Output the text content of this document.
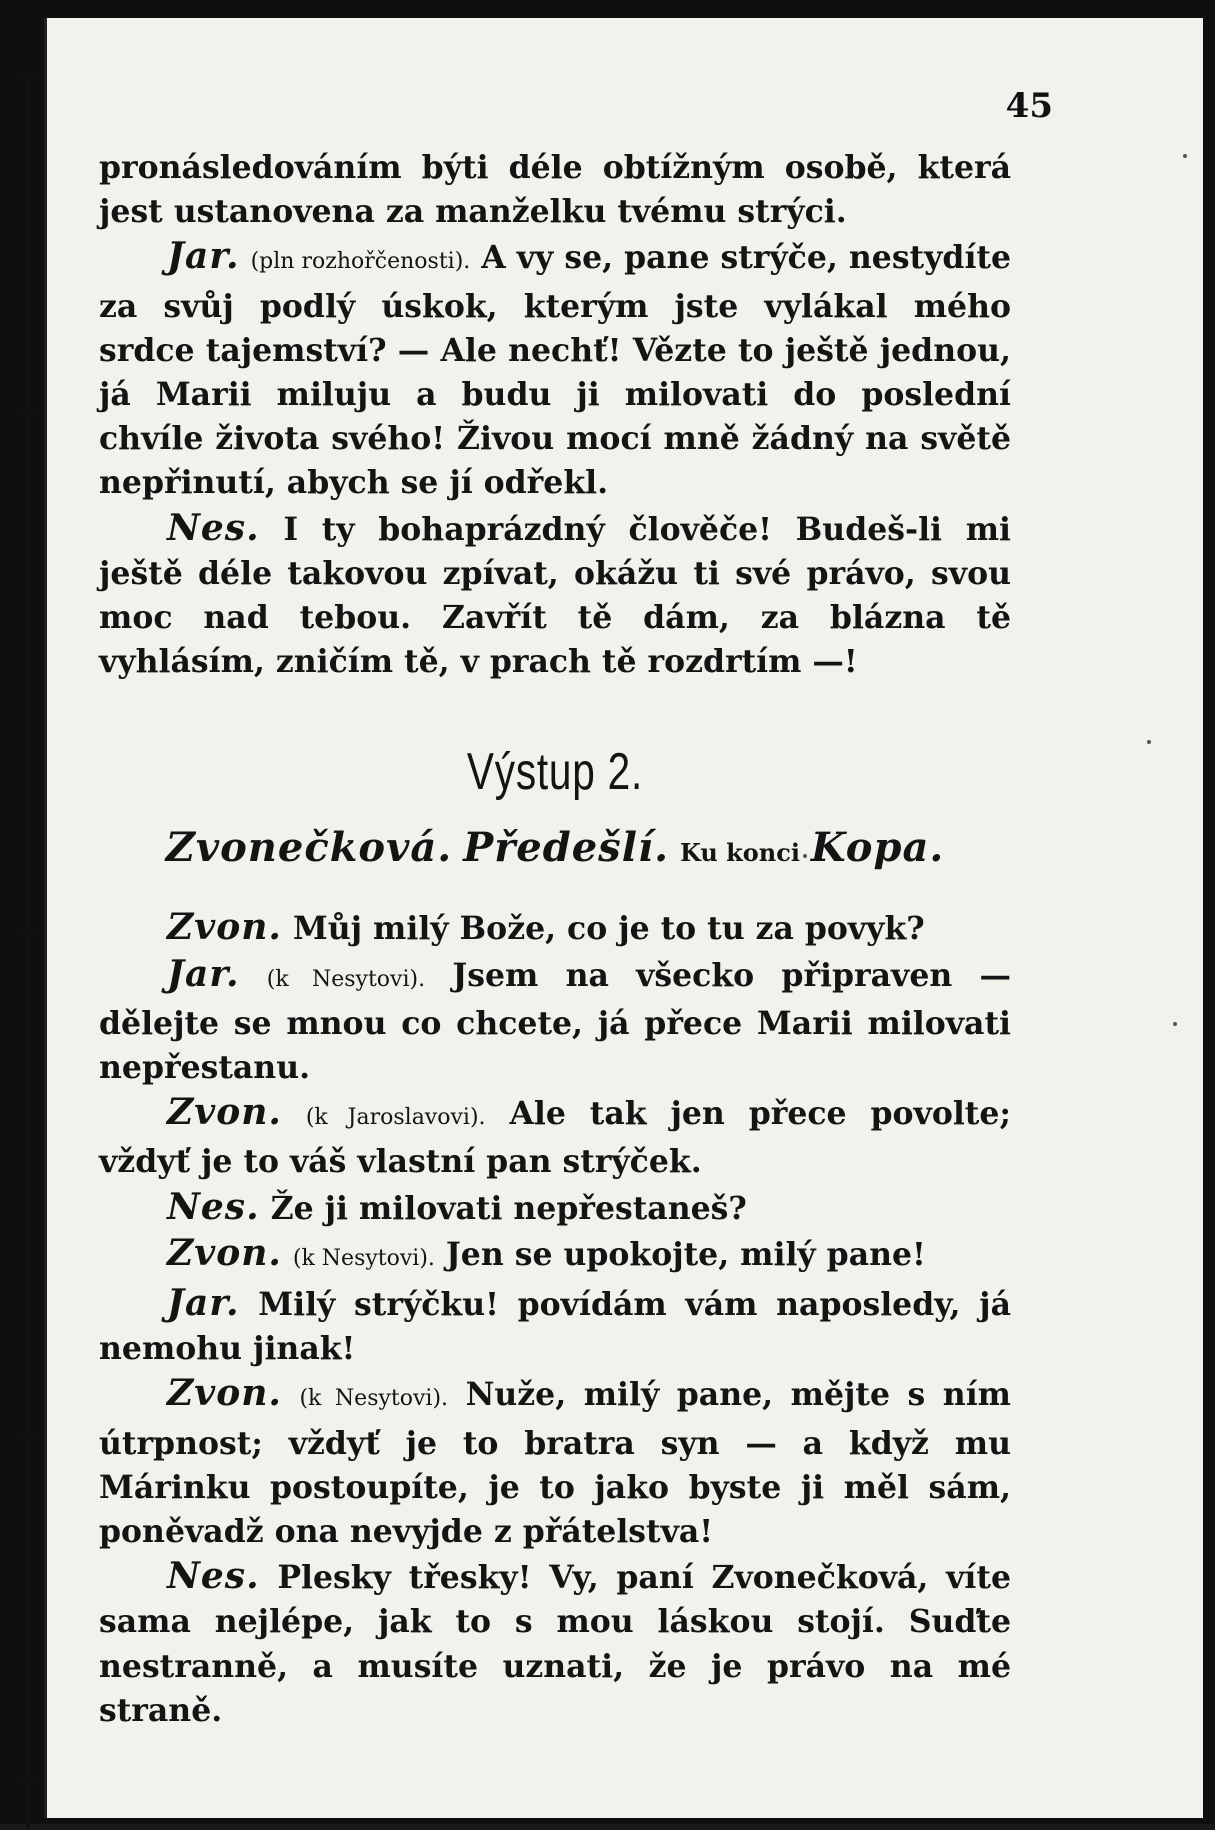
45

pronásledováním býti déle obtížným osobě, která jest ustanovena za manželku tvému strýci.

Jar. (pln rozhořčenosti). A vy se, pane strýče, nestydíte za svůj podlý úskok, kterým jste vylákal mého srdce tajemství? — Ale nechť! Vězte to ještě jednou, já Marii miluju a budu ji milovati do poslední chvíle života svého! Živou mocí mně žádný na světě nepřinutí, abych se jí odřekl.

Nes. I ty bohaprázdný člověče! Budeš-li mi ještě déle takovou zpívat, okážu ti své právo, svou moc nad tebou. Zavřít tě dám, za blázna tě vyhlásím, zničím tě, v prach tě rozdrtím —!

Výstup 2.

Zvonečková. Předešlí. Ku konci Kopa.

Zvon. Můj milý Bože, co je to tu za povyk?

Jar. (k Nesytovi). Jsem na všecko připraven — dělejte se mnou co chcete, já přece Marii milovati nepřestanu.

Zvon. (k Jaroslavovi). Ale tak jen přece povolte; vždyť je to váš vlastní pan strýček.

Nes. Že ji milovati nepřestaneš?

Zvon. (k Nesytovi). Jen se upokojte, milý pane!

Jar. Milý strýčku! povídám vám naposledy, já nemohu jinak!

Zvon. (k Nesytovi). Nuže, milý pane, mějte s ním útrpnost; vždyť je to bratra syn — a když mu Márinku postoupíte, je to jako byste ji měl sám, poněvadž ona nevyjde z přátelstva!

Nes. Plesky třesky! Vy, paní Zvonečková, víte sama nejlépe, jak to s mou láskou stojí. Suďte nestranně, a musíte uznati, že je právo na mé straně.
